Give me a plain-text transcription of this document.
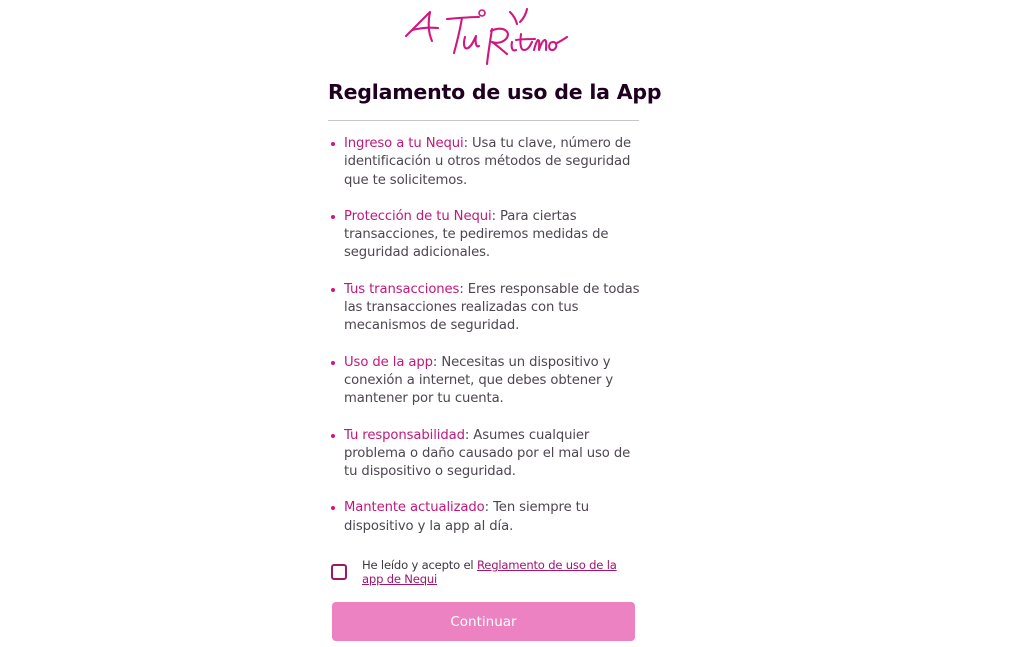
Reglamento de uso de la App
Ingreso a tu Nequi: Usa tu clave, número de identificación u otros métodos de seguridad que te solicitemos.
Protección de tu Nequi: Para ciertas transacciones, te pediremos medidas de seguridad adicionales.
Tus transacciones: Eres responsable de todas las transacciones realizadas con tus mecanismos de seguridad.
Uso de la app: Necesitas un dispositivo y conexión a internet, que debes obtener y mantener por tu cuenta.
Tu responsabilidad: Asumes cualquier problema o daño causado por el mal uso de tu dispositivo o seguridad.
Mantente actualizado: Ten siempre tu dispositivo y la app al día.
He leído y acepto el Reglamento de uso de la app de Nequi
Continuar
